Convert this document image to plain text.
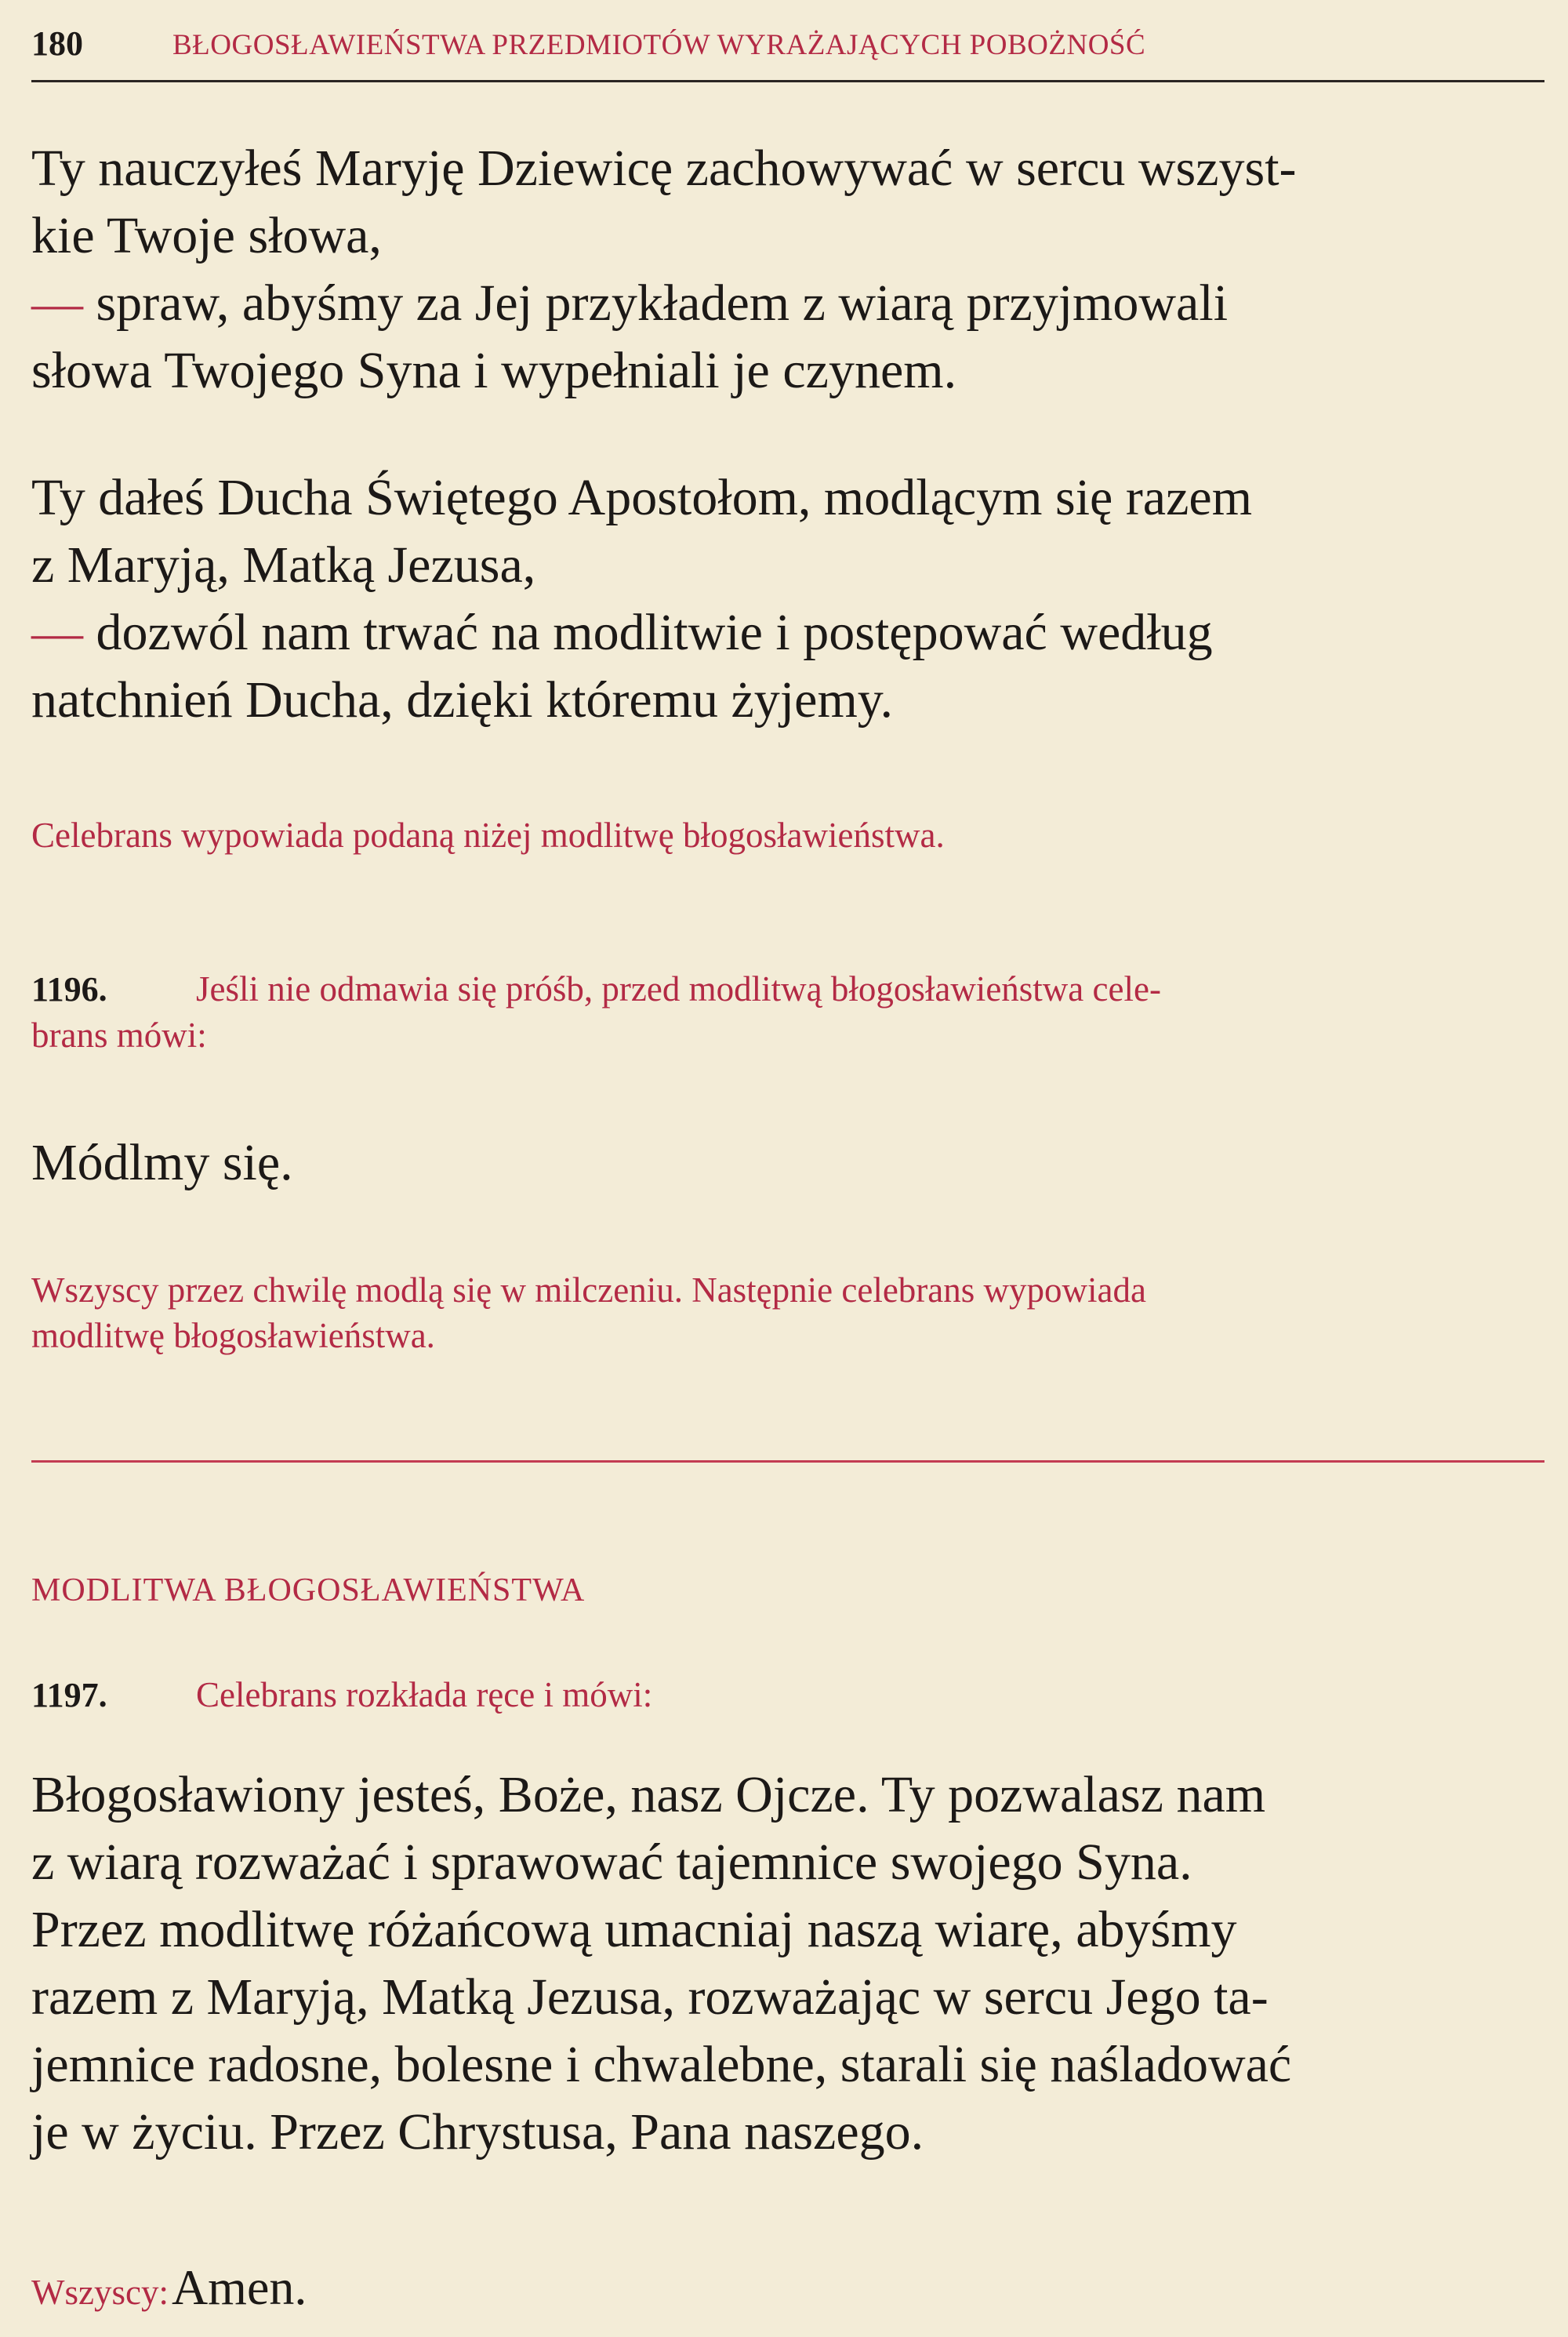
180	BŁOGOSŁAWIEŃSTWA PRZEDMIOTÓW WYRAŻAJĄCYCH POBOŻNOŚĆ

Ty nauczyłeś Maryję Dziewicę zachowywać w sercu wszyst-

kie Twoje słowa,

— spraw, abyśmy za Jej przykładem z wiarą przyjmowali

słowa Twojego Syna i wypełniali je czynem.

Ty dałeś Ducha Świętego Apostołom, modlącym się razem

z Maryją, Matką Jezusa,

— dozwól nam trwać na modlitwie i postępować według

natchnień Ducha, dzięki któremu żyjemy.

Celebrans wypowiada podaną niżej modlitwę błogosławieństwa.
1196.	Jeśli nie odmawia się próśb, przed modlitwą błogosławieństwa cele-
brans mówi:
Módlmy się.
Wszyscy przez chwilę modlą się w milczeniu. Następnie celebrans wypowiada
modlitwę błogosławieństwa.
MODLITWA BŁOGOSŁAWIEŃSTWA
1197.	Celebrans rozkłada ręce i mówi:

Błogosławiony jesteś, Boże, nasz Ojcze. Ty pozwalasz nam

z wiarą rozważać i sprawować tajemnice swojego Syna.

Przez modlitwę różańcową umacniaj naszą wiarę, abyśmy

razem z Maryją, Matką Jezusa, rozważając w sercu Jego ta-

jemnice radosne, bolesne i chwalebne, starali się naśladować

je w życiu. Przez Chrystusa, Pana naszego.

Wszyscy: Amen.
